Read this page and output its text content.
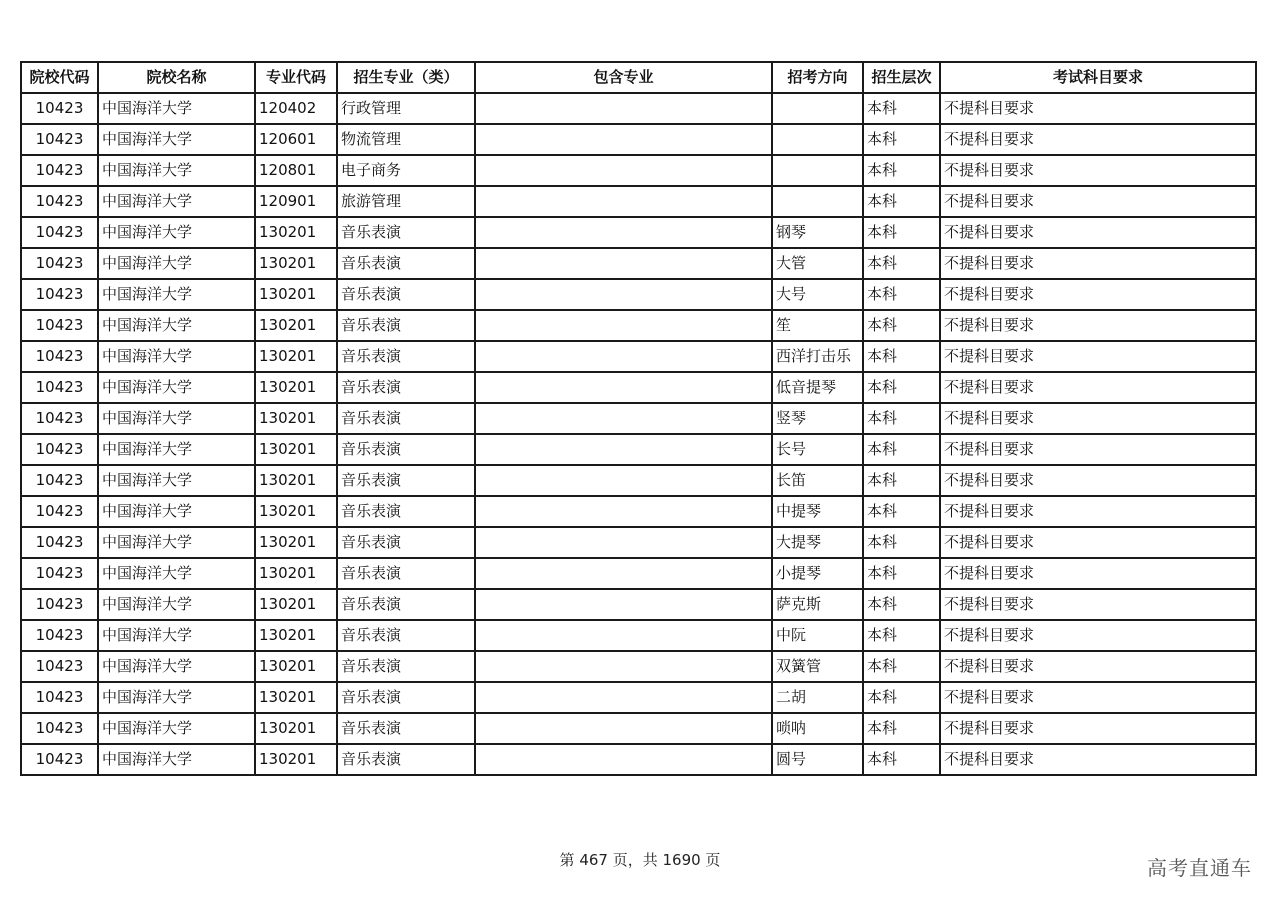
院校代码	院校名称	专业代码	招生专业（类）	包含专业	招考方向	招生层次	考试科目要求
10423	中国海洋大学	120402	行政管理			本科	不提科目要求
10423	中国海洋大学	120601	物流管理			本科	不提科目要求
10423	中国海洋大学	120801	电子商务			本科	不提科目要求
10423	中国海洋大学	120901	旅游管理			本科	不提科目要求
10423	中国海洋大学	130201	音乐表演		钢琴	本科	不提科目要求
10423	中国海洋大学	130201	音乐表演		大管	本科	不提科目要求
10423	中国海洋大学	130201	音乐表演		大号	本科	不提科目要求
10423	中国海洋大学	130201	音乐表演		笙	本科	不提科目要求
10423	中国海洋大学	130201	音乐表演		西洋打击乐	本科	不提科目要求
10423	中国海洋大学	130201	音乐表演		低音提琴	本科	不提科目要求
10423	中国海洋大学	130201	音乐表演		竖琴	本科	不提科目要求
10423	中国海洋大学	130201	音乐表演		长号	本科	不提科目要求
10423	中国海洋大学	130201	音乐表演		长笛	本科	不提科目要求
10423	中国海洋大学	130201	音乐表演		中提琴	本科	不提科目要求
10423	中国海洋大学	130201	音乐表演		大提琴	本科	不提科目要求
10423	中国海洋大学	130201	音乐表演		小提琴	本科	不提科目要求
10423	中国海洋大学	130201	音乐表演		萨克斯	本科	不提科目要求
10423	中国海洋大学	130201	音乐表演		中阮	本科	不提科目要求
10423	中国海洋大学	130201	音乐表演		双簧管	本科	不提科目要求
10423	中国海洋大学	130201	音乐表演		二胡	本科	不提科目要求
10423	中国海洋大学	130201	音乐表演		唢呐	本科	不提科目要求
10423	中国海洋大学	130201	音乐表演		圆号	本科	不提科目要求
第 467 页，共 1690 页	高考直通车
